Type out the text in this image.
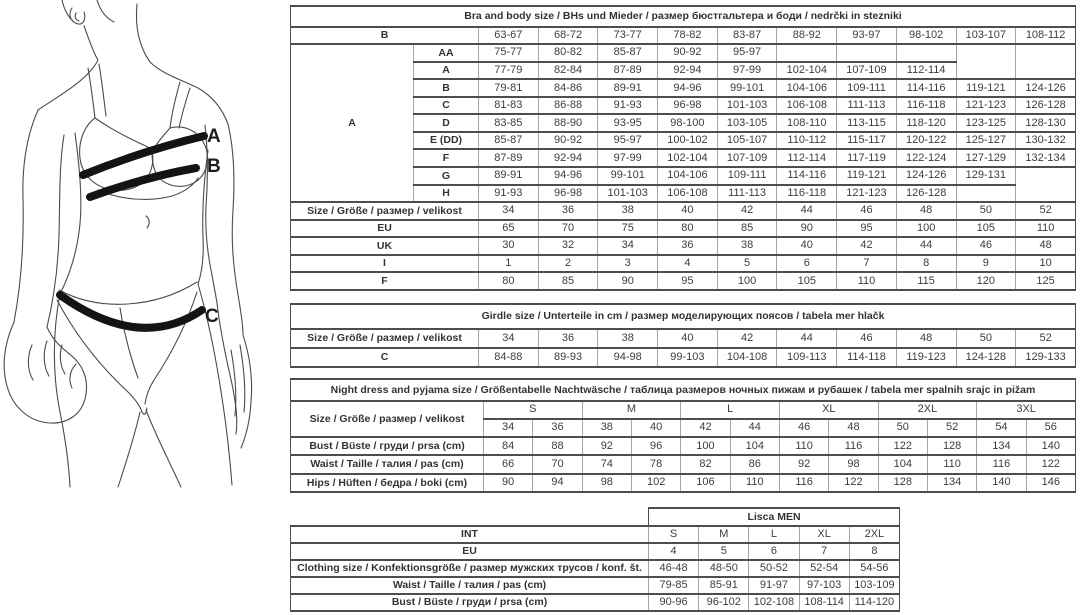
A
B
C
Bra and body size / BHs und Mieder / размер бюстгальтера и боди / nedrčki in stezniki											
B		63-67	68-72	73-77	78-82	83-87	88-92	93-97	98-102	103-107	108-112
A	AA	75-77	80-82	85-87	90-92	95-97					
	A	77-79	82-84	87-89	92-94	97-99	102-104	107-109	112-114		
	B	79-81	84-86	89-91	94-96	99-101	104-106	109-111	114-116	119-121	124-126
	C	81-83	86-88	91-93	96-98	101-103	106-108	111-113	116-118	121-123	126-128
	D	83-85	88-90	93-95	98-100	103-105	108-110	113-115	118-120	123-125	128-130
	E (DD)	85-87	90-92	95-97	100-102	105-107	110-112	115-117	120-122	125-127	130-132
	F	87-89	92-94	97-99	102-104	107-109	112-114	117-119	122-124	127-129	132-134
	G	89-91	94-96	99-101	104-106	109-111	114-116	119-121	124-126	129-131	
	H	91-93	96-98	101-103	106-108	111-113	116-118	121-123	126-128		
Size / Größe / размер / velikost		34	36	38	40	42	44	46	48	50	52
EU		65	70	75	80	85	90	95	100	105	110
UK		30	32	34	36	38	40	42	44	46	48
I		1	2	3	4	5	6	7	8	9	10
F		80	85	90	95	100	105	110	115	120	125
Girdle size / Unterteile in cm / размер моделирующих поясов / tabela mer hlačk										
Size / Größe / размер / velikost	34	36	38	40	42	44	46	48	50	52
C	84-88	89-93	94-98	99-103	104-108	109-113	114-118	119-123	124-128	129-133
Night dress and pyjama size / Größentabelle Nachtwäsche / таблица размеров ночных пижам и рубашек / tabela mer spalnih srajc in pižam												
Size / Größe / размер / velikost	S		M		L		XL		2XL		3XL	
	34	36	38	40	42	44	46	48	50	52	54	56
Bust / Büste / груди / prsa (cm)	84	88	92	96	100	104	110	116	122	128	134	140
Waist / Taille / талия / pas (cm)	66	70	74	78	82	86	92	98	104	110	116	122
Hips / Hüften / бедра / boki (cm)	90	94	98	102	106	110	116	122	128	134	140	146
	Lisca MEN				
INT	S	M	L	XL	2XL
EU	4	5	6	7	8
Clothing size / Konfektionsgröße / размер мужских трусов / konf. št.	46-48	48-50	50-52	52-54	54-56
Waist / Taille / талия / pas (cm)	79-85	85-91	91-97	97-103	103-109
Bust / Büste / груди / prsa (cm)	90-96	96-102	102-108	108-114	114-120
